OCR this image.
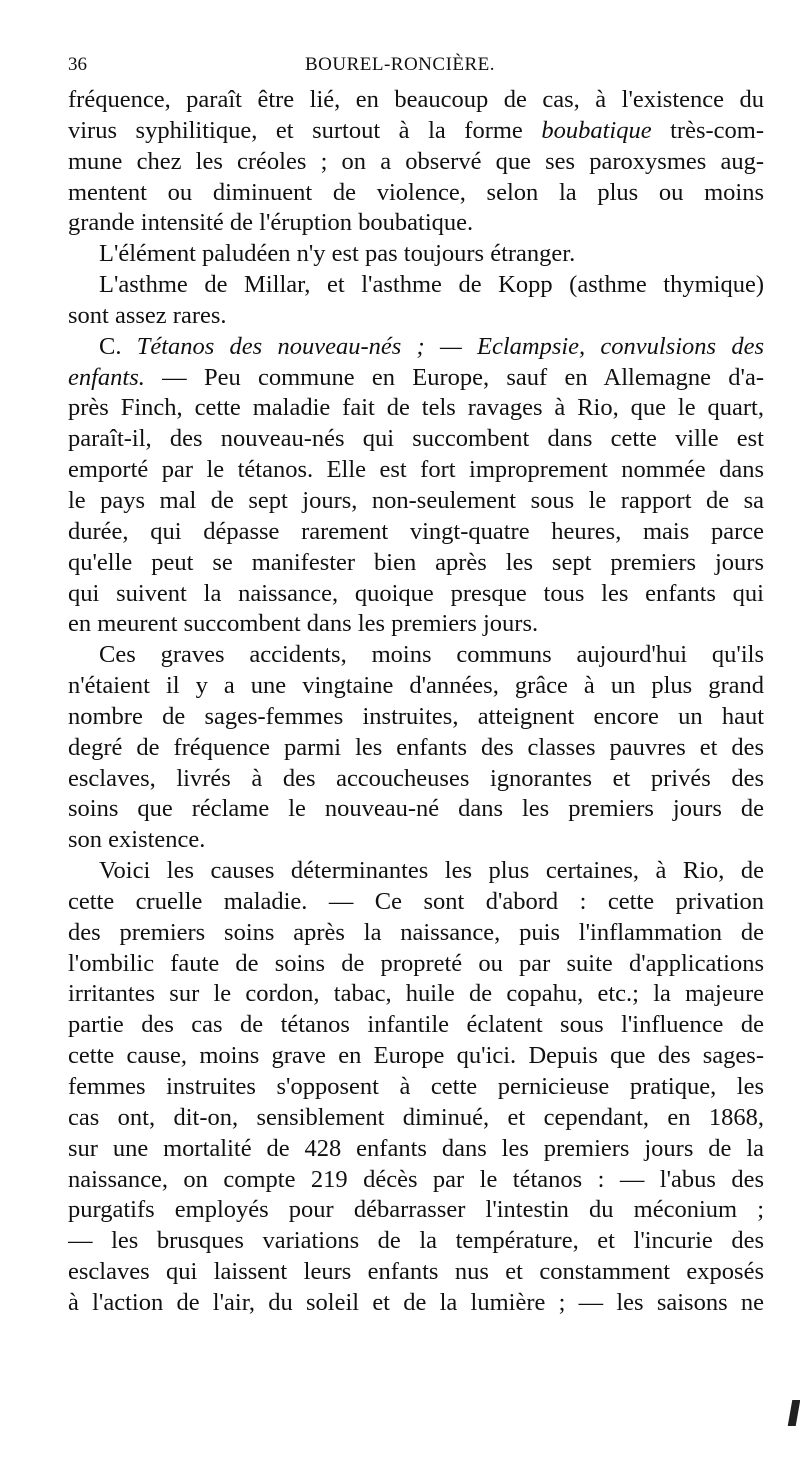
36	BOUREL-RONCIÈRE.
fréquence, paraît être lié, en beaucoup de cas, à l'existence du
virus syphilitique, et surtout à la forme boubatique très-com-
mune chez les créoles ; on a observé que ses paroxysmes aug-
mentent ou diminuent de violence, selon la plus ou moins
grande intensité de l'éruption boubatique.
L'élément paludéen n'y est pas toujours étranger.
L'asthme de Millar, et l'asthme de Kopp (asthme thymique)
sont assez rares.
C. Tétanos des nouveau-nés ; — Eclampsie, convulsions des
enfants. — Peu commune en Europe, sauf en Allemagne d'a-
près Finch, cette maladie fait de tels ravages à Rio, que le quart,
paraît-il, des nouveau-nés qui succombent dans cette ville est
emporté par le tétanos. Elle est fort improprement nommée dans
le pays mal de sept jours, non-seulement sous le rapport de sa
durée, qui dépasse rarement vingt-quatre heures, mais parce
qu'elle peut se manifester bien après les sept premiers jours
qui suivent la naissance, quoique presque tous les enfants qui
en meurent succombent dans les premiers jours.
Ces graves accidents, moins communs aujourd'hui qu'ils
n'étaient il y a une vingtaine d'années, grâce à un plus grand
nombre de sages-femmes instruites, atteignent encore un haut
degré de fréquence parmi les enfants des classes pauvres et des
esclaves, livrés à des accoucheuses ignorantes et privés des
soins que réclame le nouveau-né dans les premiers jours de
son existence.
Voici les causes déterminantes les plus certaines, à Rio, de
cette cruelle maladie. — Ce sont d'abord : cette privation
des premiers soins après la naissance, puis l'inflammation de
l'ombilic faute de soins de propreté ou par suite d'applications
irritantes sur le cordon, tabac, huile de copahu, etc.; la majeure
partie des cas de tétanos infantile éclatent sous l'influence de
cette cause, moins grave en Europe qu'ici. Depuis que des sages-
femmes instruites s'opposent à cette pernicieuse pratique, les
cas ont, dit-on, sensiblement diminué, et cependant, en 1868,
sur une mortalité de 428 enfants dans les premiers jours de la
naissance, on compte 219 décès par le tétanos : — l'abus des
purgatifs employés pour débarrasser l'intestin du méconium ;
— les brusques variations de la température, et l'incurie des
esclaves qui laissent leurs enfants nus et constamment exposés
à l'action de l'air, du soleil et de la lumière ; — les saisons ne
